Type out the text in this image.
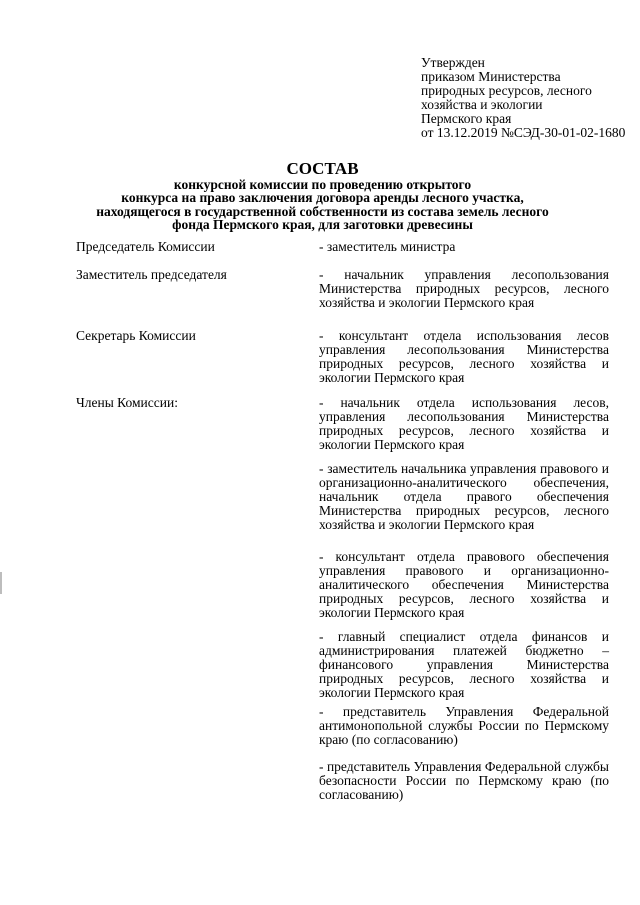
Утвержден
приказом Министерства
природных ресурсов, лесного
хозяйства и экологии
Пермского края
от 13.12.2019 №СЭД-30-01-02-1680
СОСТАВ
конкурсной комиссии по проведению открытого
конкурса на право заключения договора аренды лесного участка,
находящегося в государственной собственности из состава земель лесного
фонда Пермского края, для заготовки древесины
Председатель Комиссии	- заместитель министра
Заместитель председателя	- начальник управления лесопользования Министерства природных ресурсов, лесного хозяйства и экологии Пермского края
Секретарь Комиссии	- консультант отдела использования лесов управления лесопользования Министерства природных ресурсов, лесного хозяйства и экологии Пермского края
Члены Комиссии:	- начальник отдела использования лесов, управления лесопользования Министерства природных ресурсов, лесного хозяйства и экологии Пермского края
- заместитель начальника управления правового и организационно-аналитического обеспечения, начальник отдела правого обеспечения Министерства природных ресурсов, лесного хозяйства и экологии Пермского края
- консультант отдела правового обеспечения управления правового и организационно-аналитического обеспечения Министерства природных ресурсов, лесного хозяйства и экологии Пермского края
- главный специалист отдела финансов и администрирования платежей бюджетно – финансового управления Министерства природных ресурсов, лесного хозяйства и экологии Пермского края
- представитель Управления Федеральной антимонопольной службы России по Пермскому краю (по согласованию)
- представитель Управления Федеральной службы безопасности России по Пермскому краю (по согласованию)
